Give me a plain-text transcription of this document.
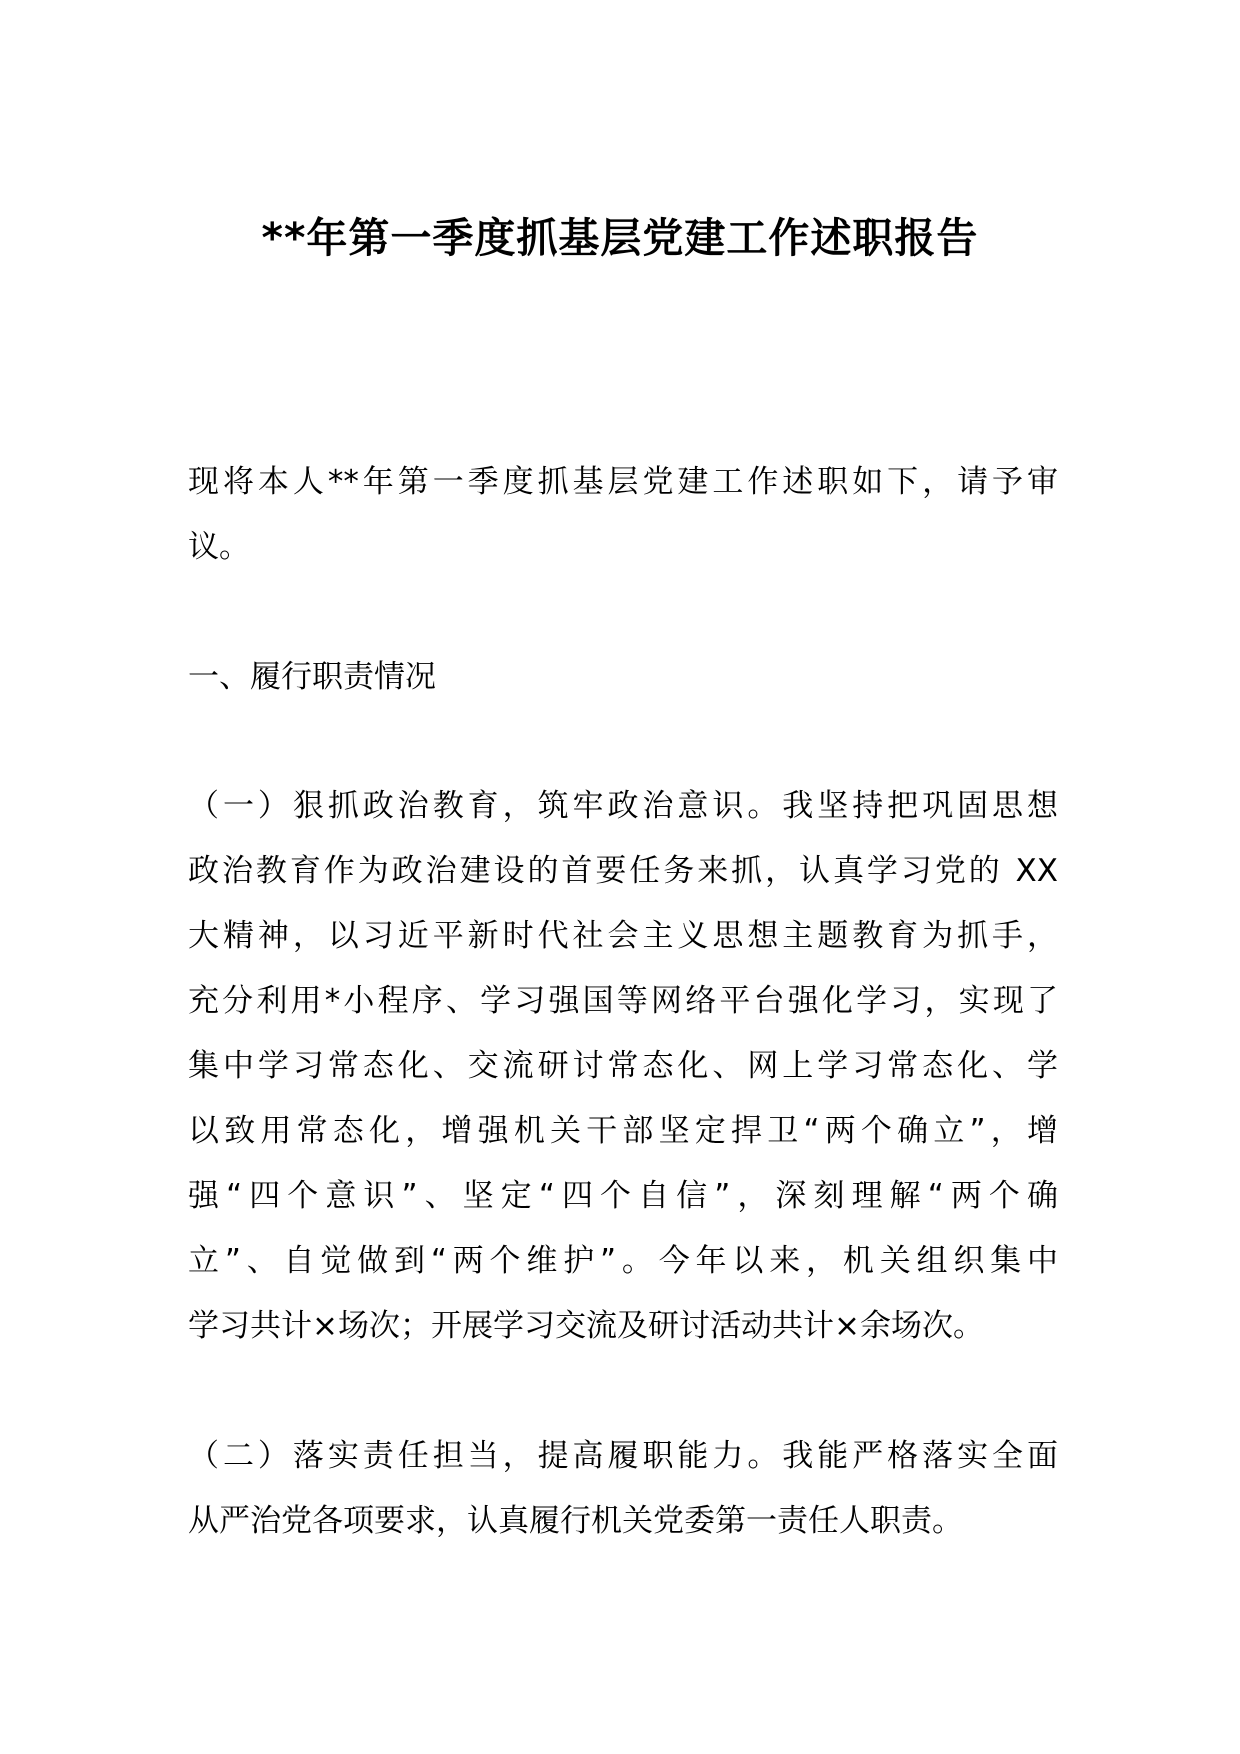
**年第一季度抓基层党建工作述职报告
现将本人**年第一季度抓基层党建工作述职如下，请予审
议。
一、履行职责情况
（一）狠抓政治教育，筑牢政治意识。我坚持把巩固思想
政治教育作为政治建设的首要任务来抓，认真学习党的 XX
大精神，以习近平新时代社会主义思想主题教育为抓手，
充分利用*小程序、学习强国等网络平台强化学习，实现了
集中学习常态化、交流研讨常态化、网上学习常态化、学
以致用常态化，增强机关干部坚定捍卫“两个确立”，增
强“四个意识”、坚定“四个自信”，深刻理解“两个确
立”、自觉做到“两个维护”。今年以来，机关组织集中
学习共计×场次；开展学习交流及研讨活动共计×余场次。
（二）落实责任担当，提高履职能力。我能严格落实全面
从严治党各项要求，认真履行机关党委第一责任人职责。
